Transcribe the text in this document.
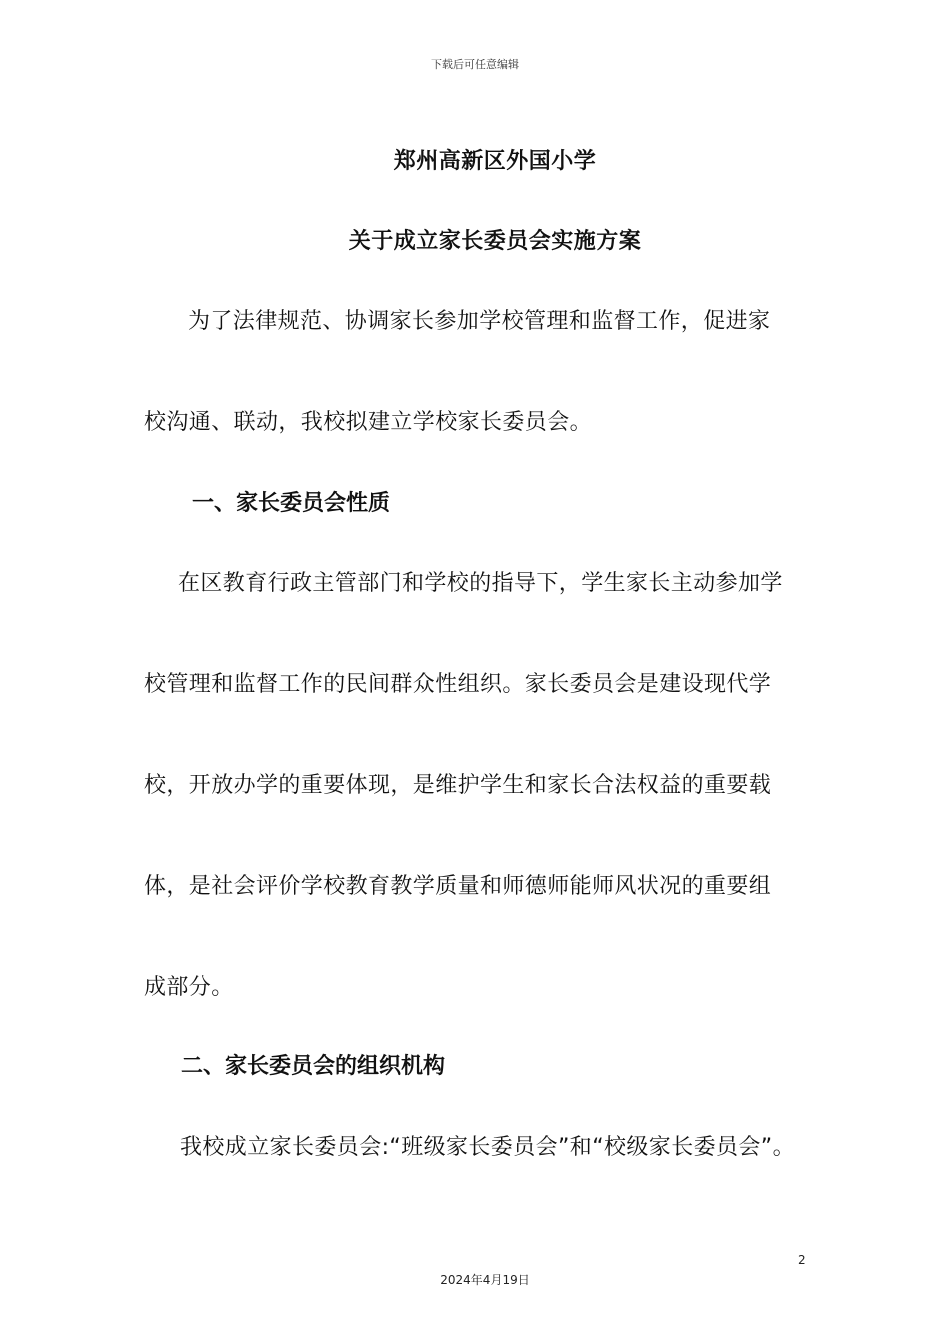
下载后可任意编辑
郑州高新区外国小学
关于成立家长委员会实施方案
为了法律规范、协调家长参加学校管理和监督工作，促进家
校沟通、联动，我校拟建立学校家长委员会。
一、家长委员会性质
在区教育行政主管部门和学校的指导下，学生家长主动参加学
校管理和监督工作的民间群众性组织。家长委员会是建设现代学
校，开放办学的重要体现，是维护学生和家长合法权益的重要载
体，是社会评价学校教育教学质量和师德师能师风状况的重要组
成部分。
二、家长委员会的组织机构
我校成立家长委员会:“班级家长委员会”和“校级家长委员会”。
2
2024年4月19日
